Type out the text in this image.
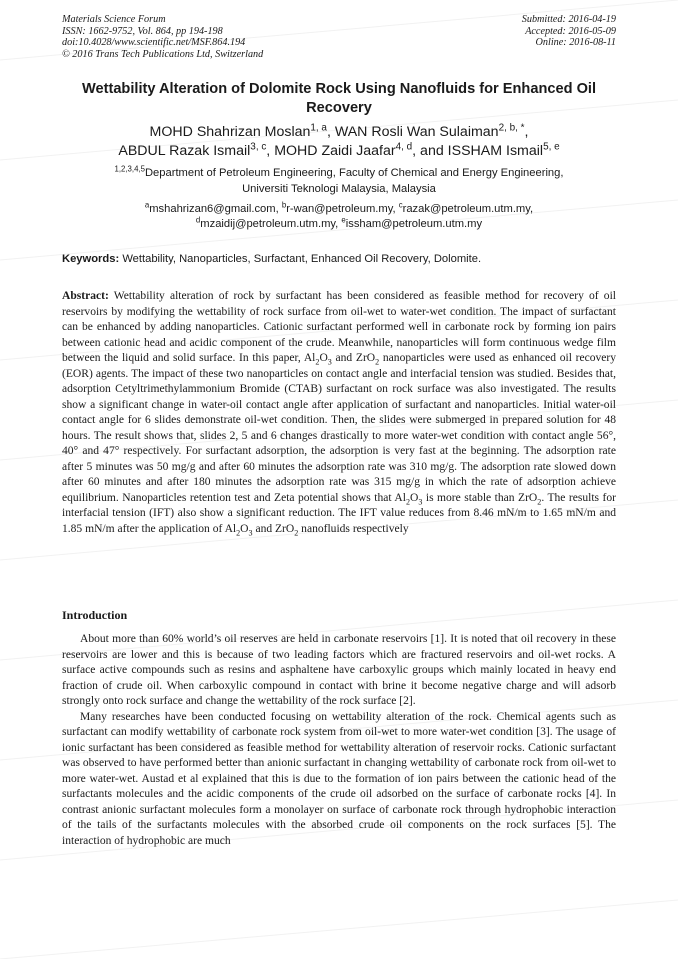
Materials Science Forum
ISSN: 1662-9752, Vol. 864, pp 194-198
doi:10.4028/www.scientific.net/MSF.864.194
© 2016 Trans Tech Publications Ltd, Switzerland
Submitted: 2016-04-19
Accepted: 2016-05-09
Online: 2016-08-11
Wettability Alteration of Dolomite Rock Using Nanofluids for Enhanced Oil Recovery
MOHD Shahrizan Moslan$^{1, a}$, WAN Rosli Wan Sulaiman$^{2, b, *}$,
ABDUL Razak Ismail$^{3, c}$, MOHD Zaidi Jaafar$^{4, d}$, and ISSHAM Ismail$^{5, e}$
$^{1,2,3,4,5}$Department of Petroleum Engineering, Faculty of Chemical and Energy Engineering,
Universiti Teknologi Malaysia, Malaysia
$^a$mshahrizan6@gmail.com, $^b$r-wan@petroleum.my, $^c$razak@petroleum.utm.my,
$^d$mzaidij@petroleum.utm.my, $^e$issham@petroleum.utm.my
Keywords: Wettability, Nanoparticles, Surfactant, Enhanced Oil Recovery, Dolomite.

Abstract: Wettability alteration of rock by surfactant has been considered as feasible method for recovery of oil reservoirs by modifying the wettability of rock surface from oil-wet to water-wet condition. The impact of surfactant can be enhanced by adding nanoparticles. Cationic surfactant performed well in carbonate rock by forming ion pairs between cationic head and acidic component of the crude. Meanwhile, nanoparticles will form continuous wedge film between the liquid and solid surface. In this paper, $Al_2O_3$ and ZrO$_2$ nanoparticles were used as enhanced oil recovery (EOR) agents. The impact of these two nanoparticles on contact angle and interfacial tension was studied. Besides that, adsorption Cetyltrimethylammonium Bromide (CTAB) surfactant on rock surface was also investigated. The results show a significant change in water-oil contact angle after application of surfactant and nanoparticles. Initial water-oil contact angle for 6 slides demonstrate oil-wet condition. Then, the slides were submerged in prepared solution for 48 hours. The result shows that, slides 2, 5 and 6 changes drastically to more water-wet condition with contact angle 56°, 40° and 47° respectively. For surfactant adsorption, the adsorption is very fast at the beginning. The adsorption rate after 5 minutes was 50 mg/g and after 60 minutes the adsorption rate was 310 mg/g. The adsorption rate slowed down after 60 minutes and after 180 minutes the adsorption rate was 315 mg/g in which the rate of adsorption achieve equilibrium. Nanoparticles retention test and Zeta potential shows that $Al_2O_3$ is more stable than ZrO$_2$. The results for interfacial tension (IFT) also show a significant reduction. The IFT value reduces from 8.46 mN/m to 1.65 mN/m and 1.85 mN/m after the application of $Al_2O_3$ and ZrO$_2$ nanofluids respectively

Introduction

About more than 60% world’s oil reserves are held in carbonate reservoirs [1]. It is noted that oil recovery in these reservoirs are lower and this is because of two leading factors which are fractured reservoirs and oil-wet rocks. A surface active compounds such as resins and asphaltene have carboxylic groups which mainly located in heavy end fraction of crude oil. When carboxylic compound in contact with brine it become negative charge and will adsorb strongly onto rock surface and change the wettability of the rock surface [2].

Many researches have been conducted focusing on wettability alteration of the rock. Chemical agents such as surfactant can modify wettability of carbonate rock system from oil-wet to more water-wet condition [3]. The usage of ionic surfactant has been considered as feasible method for wettability alteration of reservoir rocks. Cationic surfactant was observed to have performed better than anionic surfactant in changing wettability of carbonate rock from oil-wet to more water-wet. Austad et al explained that this is due to the formation of ion pairs between the cationic head of the surfactants molecules and the acidic components of the crude oil adsorbed on the surface of carbonate rocks [4]. In contrast anionic surfactant molecules form a monolayer on surface of carbonate rock through hydrophobic interaction of the tails of the surfactants molecules with the absorbed crude oil components on the rock surfaces [5]. The interaction of hydrophobic are much
